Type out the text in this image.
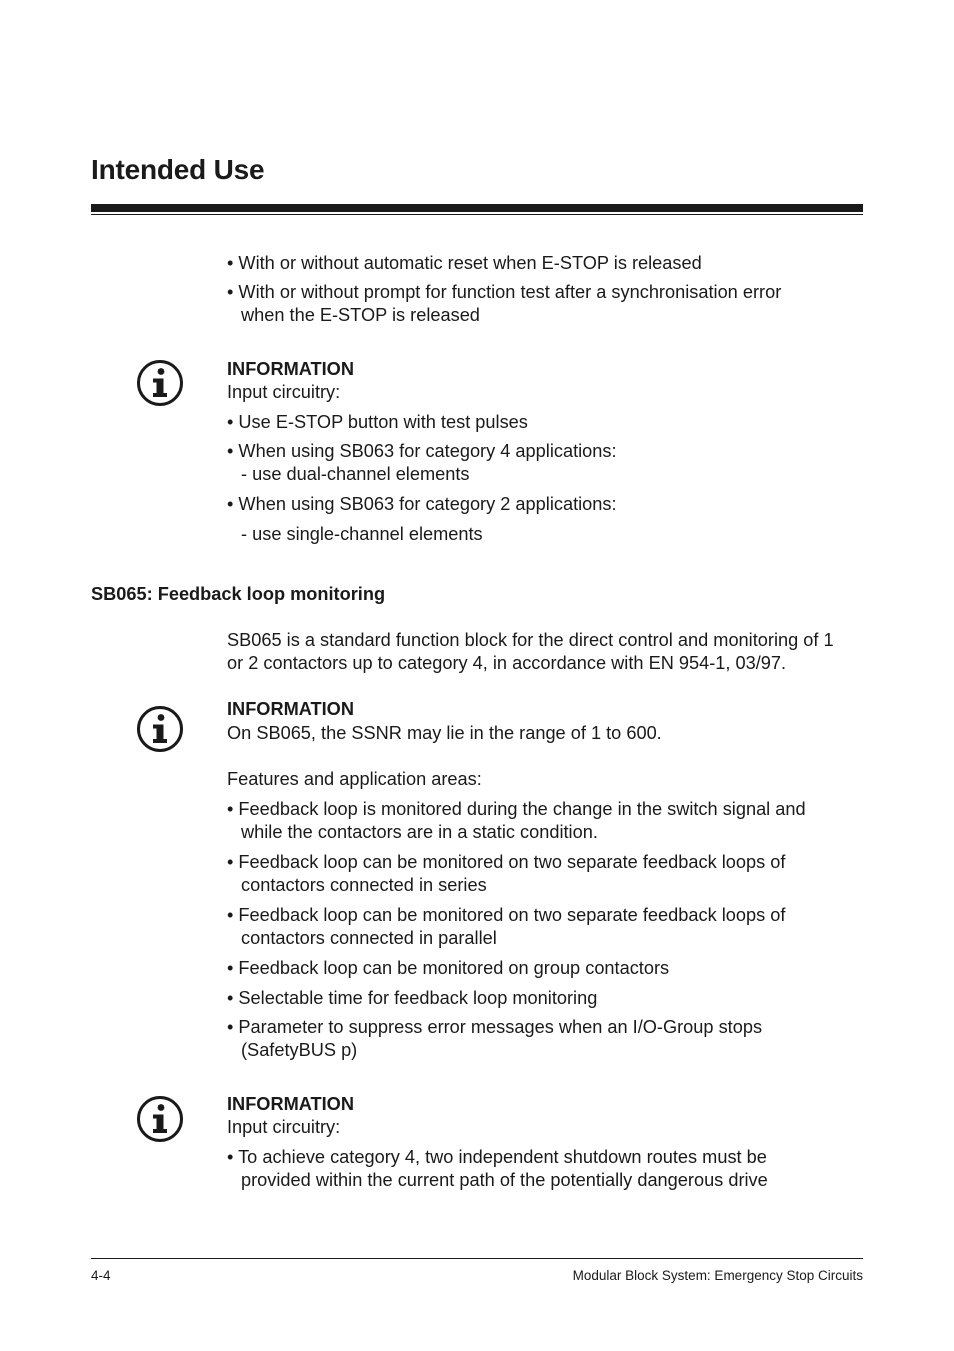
Intended Use
• With or without automatic reset when E-STOP is released
• With or without prompt for function test after a synchronisation error
when the E-STOP is released
INFORMATION
Input circuitry:
• Use E-STOP button with test pulses
• When using SB063 for category 4 applications:
- use dual-channel elements
• When using SB063 for category 2 applications:
- use single-channel elements
SB065: Feedback loop monitoring
SB065 is a standard function block for the direct control and monitoring of 1
or 2 contactors up to category 4, in accordance with EN 954-1, 03/97.
INFORMATION
On SB065, the SSNR may lie in the range of 1 to 600.
Features and application areas:
• Feedback loop is monitored during the change in the switch signal and
while the contactors are in a static condition.
• Feedback loop can be monitored on two separate feedback loops of
contactors connected in series
• Feedback loop can be monitored on two separate feedback loops of
contactors connected in parallel
• Feedback loop can be monitored on group contactors
• Selectable time for feedback loop monitoring
• Parameter to suppress error messages when an I/O-Group stops
(SafetyBUS p)
INFORMATION
Input circuitry:
• To achieve category 4, two independent shutdown routes must be
provided within the current path of the potentially dangerous drive
4-4	Modular Block System: Emergency Stop Circuits
